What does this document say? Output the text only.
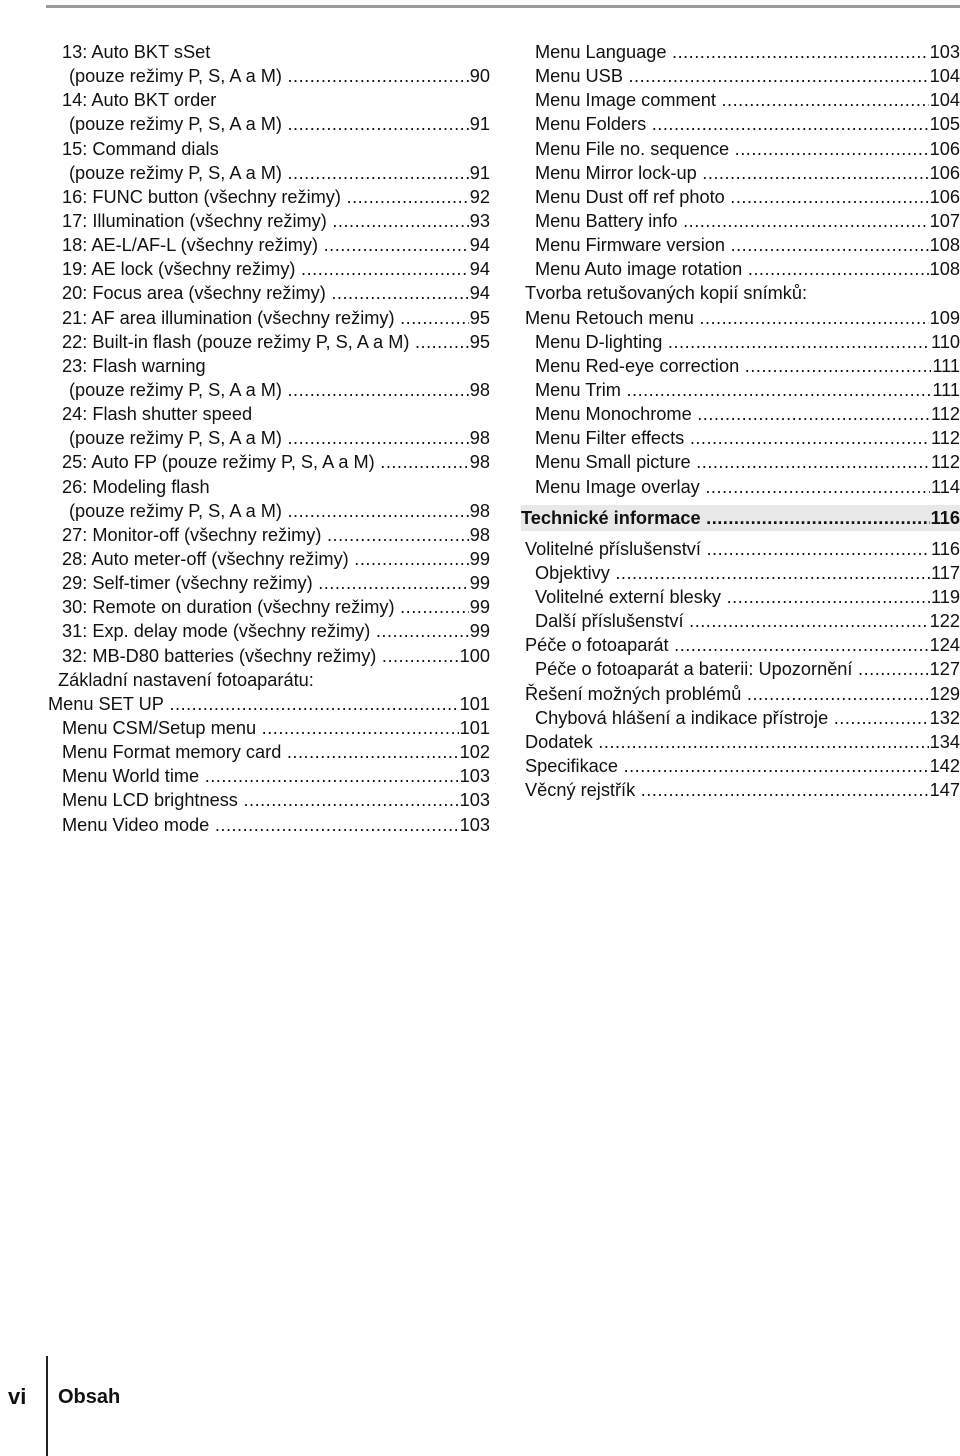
13: Auto BKT sSet
(pouze režimy P, S, A a M)	90
.....
14: Auto BKT order
(pouze režimy P, S, A a M)	91
.....
15: Command dials
(pouze režimy P, S, A a M)	91
.....
16: FUNC button (všechny režimy)	92
.....
17: Illumination (všechny režimy)	93
.....
18: AE-L/AF-L (všechny režimy)	94
.....
19: AE lock (všechny režimy)	94
.....
20: Focus area (všechny režimy)	94
.....
21: AF area illumination (všechny režimy)	95
.....
22: Built-in flash (pouze režimy P, S, A a M)	95
.....
23: Flash warning
(pouze režimy P, S, A a M)	98
.....
24: Flash shutter speed
(pouze režimy P, S, A a M)	98
.....
25: Auto FP (pouze režimy P, S, A a M)	98
.....
26: Modeling flash
(pouze režimy P, S, A a M)	98
.....
27: Monitor-off (všechny režimy)	98
.....
28: Auto meter-off (všechny režimy)	99
.....
29: Self-timer (všechny režimy)	99
.....
30: Remote on duration (všechny režimy)	99
.....
31: Exp. delay mode (všechny režimy)	99
.....
32: MB-D80 batteries (všechny režimy)	100
.....
Základní nastavení fotoaparátu:
Menu SET UP	101
.....
Menu CSM/Setup menu	101
.....
Menu Format memory card	102
.....
Menu World time	103
.....
Menu LCD brightness	103
.....
Menu Video mode	103
.....
Menu Language	103
.....
Menu USB	104
.....
Menu Image comment	104
.....
Menu Folders	105
.....
Menu File no. sequence	106
.....
Menu Mirror lock-up	106
.....
Menu Dust off ref photo	106
.....
Menu Battery info	107
.....
Menu Firmware version	108
.....
Menu Auto image rotation	108
.....
Tvorba retušovaných kopií snímků:
Menu Retouch menu	109
.....
Menu D-lighting	110
.....
Menu Red-eye correction	111
.....
Menu Trim	111
.....
Menu Monochrome	112
.....
Menu Filter effects	112
.....
Menu Small picture	112
.....
Menu Image overlay	114
.....
Technické informace	116
.....
Volitelné příslušenství	116
.....
Objektivy	117
.....
Volitelné externí blesky	119
.....
Další příslušenství	122
.....
Péče o fotoaparát	124
.....
Péče o fotoaparát a baterii: Upozornění	127
.....
Řešení možných problémů	129
.....
Chybová hlášení a indikace přístroje	132
.....
Dodatek	134
.....
Specifikace	142
.....
Věcný rejstřík	147
.....
vi Obsah
